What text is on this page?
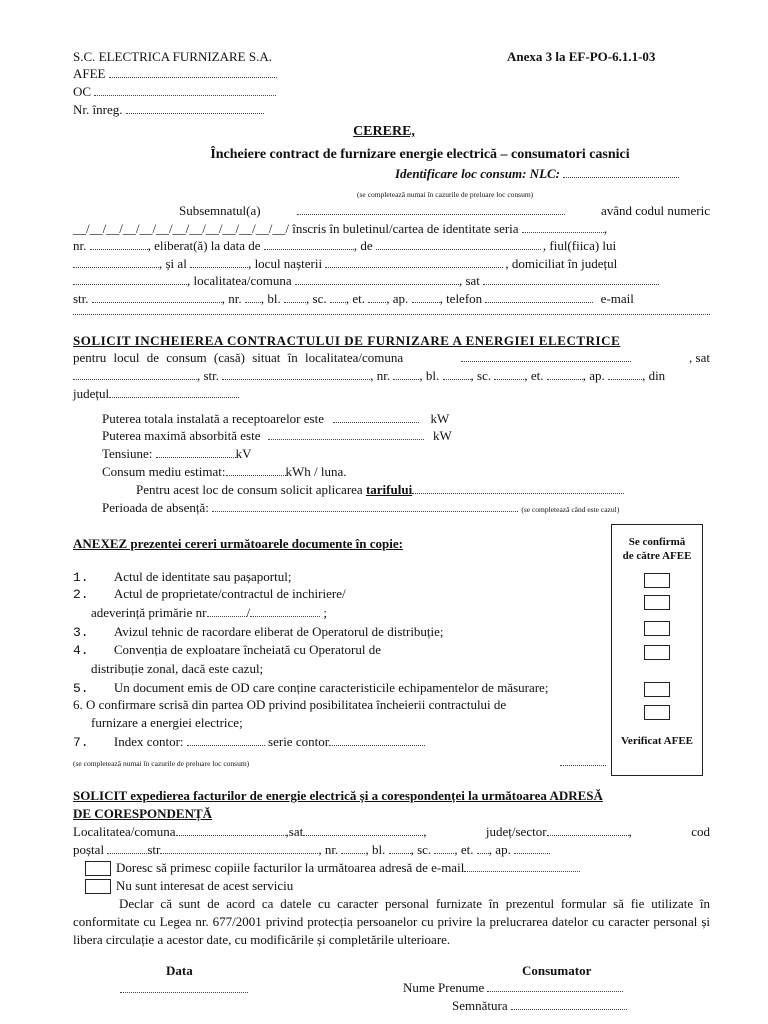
S.C. ELECTRICA FURNIZARE S.A.	Anexa 3 la EF-PO-6.1.1-03
AFEE
OC
Nr. înreg.
CERERE,
Încheiere contract de furnizare energie electrică – consumatori casnici
Identificare loc consum: NLC:
(se completează numai în cazurile de preluare loc consum)
Subsemnatul(a)	având codul numeric
__/__/__/__/__/__/__/__/__/__/__/__/__/ înscris în buletinul/cartea de identitate seria	,
nr.	, eliberat(ă) la data de	, de	, fiul(fiica) lui
, și al	, locul nașterii	, domiciliat în județul
, localitatea/comuna	, sat
str.	, nr. , bl. , sc. , et. , ap. , telefon	e-mail
SOLICIT INCHEIEREA CONTRACTULUI DE FURNIZARE A ENERGIEI ELECTRICE
pentru locul de consum (casă) situat în localitatea/comuna	, sat
, str.	, nr. , bl. , sc.	, et.	, ap.	, din
județul
Puterea totala instalată a receptoarelor este	kW
Puterea maximă absorbită este	kW
Tensiune:	kV
Consum mediu estimat:	kWh / luna.
Pentru acest loc de consum solicit aplicarea tarifului
Perioada de absență:	(se completează când este cazul)
ANEXEZ prezentei cereri următoarele documente în copie:	Se confirmă
de către AFEE
Verificat AFEE
1. Actul de identitate sau pașaportul;
2. Actul de proprietate/contractul de inchiriere/
adeverință primărie nr	/	;
3. Avizul tehnic de racordare eliberat de Operatorul de distribuție;
4. Convenția de exploatare încheiată cu Operatorul de
distribuție zonal, dacă este cazul;
5. Un document emis de OD care conține caracteristicile echipamentelor de măsurare;
6. O confirmare scrisă din partea OD privind posibilitatea încheierii contractului de
furnizare a energiei electrice;
7. Index contor:	serie contor
(se completează numai în cazurile de preluare loc consum)
SOLICIT expedierea facturilor de energie electrică și a corespondenței la următoarea ADRESĂ
DE CORESPONDENȚĂ
Localitatea/comuna	,sat	,	județ/sector	,	cod
poștal	str	, nr. , bl. , sc. , et. , ap.
Doresc să primesc copiile facturilor la următoarea adresă de e-mail
Nu sunt interesat de acest serviciu
Declar că sunt de acord ca datele cu caracter personal furnizate în prezentul formular să fie utilizate în conformitate cu Legea nr. 677/2001 privind protecția persoanelor cu privire la prelucrarea datelor cu caracter personal și libera circulație a acestor date, cu modificările și completările ulterioare.
Data	Consumator
Nume Prenume
Semnătura
